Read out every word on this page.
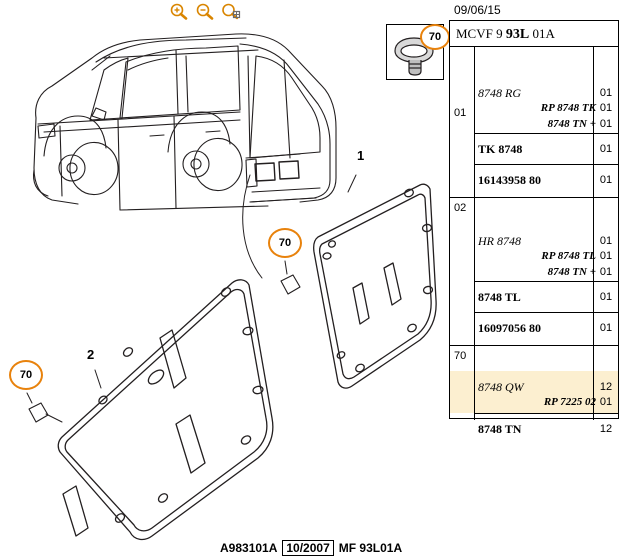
1
2
70
70
70
A983101A 10/2007 MF 93L01A
09/06/15
MCVF 9 93L 01A
01
8748 RG	01
RP 8748 TK 01
8748 TN + 01
TK 8748	01
16143958 80	01
02
HR 8748	01
RP 8748 TL 01
8748 TN + 01
8748 TL	01
16097056 80	01
70
8748 QW	12
RP 7225 02 01
8748 TN	12
